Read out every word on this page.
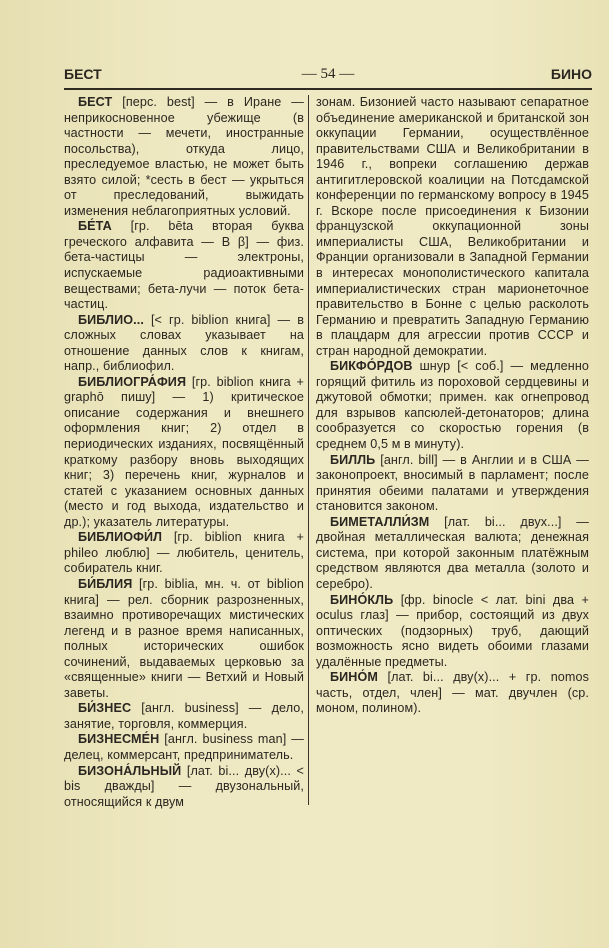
БЕСТ	— 54 —	БИНО

БЕСТ [перс. best] — в Иране — неприкосновенное убежище (в частности — мечети, иностранные посольства), откуда лицо, преследуемое властью, не может быть взято силой; *сесть в бест — укрыться от преследований, выжидать изменения неблагоприятных условий.

БЕ́ТА [гр. bēta вторая буква греческого алфавита — B β] — физ. бета-частицы — электроны, испускаемые радиоактивными веществами; бета-лучи — поток бета-частиц.

БИБЛИО... [< гр. biblion книга] — в сложных словах указывает на отношение данных слов к книгам, напр., библиофил.

БИБЛИОГРА́ФИЯ [гр. biblion книга + graphō пишу] — 1) критическое описание содержания и внешнего оформления книг; 2) отдел в периодических изданиях, посвящённый краткому разбору вновь выходящих книг; 3) перечень книг, журналов и статей с указанием основных данных (место и год выхода, издательство и др.); указатель литературы.

БИБЛИОФИ́Л [гр. biblion книга + phileo люблю] — любитель, ценитель, собиратель книг.

БИ́БЛИЯ [гр. biblia, мн. ч. от biblion книга] — рел. сборник разрозненных, взаимно противоречащих мистических легенд и в разное время написанных, полных исторических ошибок сочинений, выдаваемых церковью за «священные» книги — Ветхий и Новый заветы.

БИ́ЗНЕС [англ. business] — дело, занятие, торговля, коммерция.

БИЗНЕСМЕ́Н [англ. business man] — делец, коммерсант, предприниматель.

БИЗОНА́ЛЬНЫЙ [лат. bi... дву(х)... < bis дважды] — двузональный, относящийся к двум

зонам. Бизонией часто называют сепаратное объединение американской и британской зон оккупации Германии, осуществлённое правительствами США и Великобритании в 1946 г., вопреки соглашению держав антигитлеровской коалиции на Потсдамской конференции по германскому вопросу в 1945 г. Вскоре после присоединения к Бизонии французской оккупационной зоны империалисты США, Великобритании и Франции организовали в Западной Германии в интересах монополистического капитала империалистических стран марионеточное правительство в Бонне с целью расколоть Германию и превратить Западную Германию в плацдарм для агрессии против СССР и стран народной демократии.

БИКФО́РДОВ шнур [< соб.] — медленно горящий фитиль из пороховой сердцевины и джутовой обмотки; примен. как огнепровод для взрывов капсюлей-детонаторов; длина сообразуется со скоростью горения (в среднем 0,5 м в минуту).

БИЛЛЬ [англ. bill] — в Англии и в США — законопроект, вносимый в парламент; после принятия обеими палатами и утверждения становится законом.

БИМЕТАЛЛИ́ЗМ [лат. bi... двух...] — двойная металлическая валюта; денежная система, при которой законным платёжным средством являются два металла (золото и серебро).

БИНО́КЛЬ [фр. binocle < лат. bini два + oculus глаз] — прибор, состоящий из двух оптических (подзорных) труб, дающий возможность ясно видеть обоими глазами удалённые предметы.

БИНО́М [лат. bi... дву(х)... + гр. nomos часть, отдел, член] — мат. двучлен (ср. моном, полином).
